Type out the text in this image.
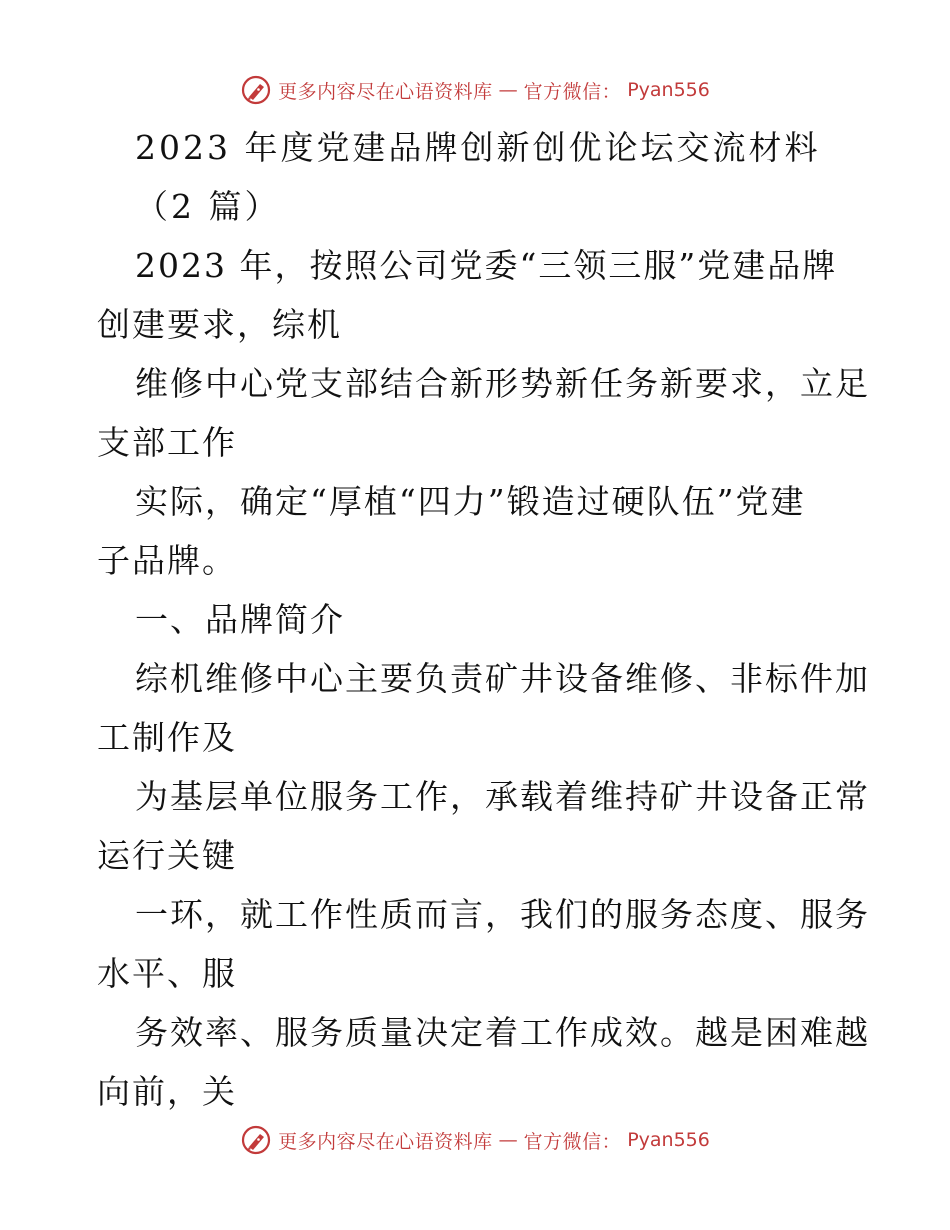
更多内容尽在心语资料库 — 官方微信： Pyan556
2023 年度党建品牌创新创优论坛交流材料
（2 篇）
2023 年，按照公司党委“三领三服”党建品牌
创建要求，综机
维修中心党支部结合新形势新任务新要求，立足
支部工作
实际，确定“厚植“四力”锻造过硬队伍”党建
子品牌。
一、品牌简介
综机维修中心主要负责矿井设备维修、非标件加
工制作及
为基层单位服务工作，承载着维持矿井设备正常
运行关键
一环，就工作性质而言，我们的服务态度、服务
水平、服
务效率、服务质量决定着工作成效。越是困难越
向前，关
更多内容尽在心语资料库 — 官方微信： Pyan556
